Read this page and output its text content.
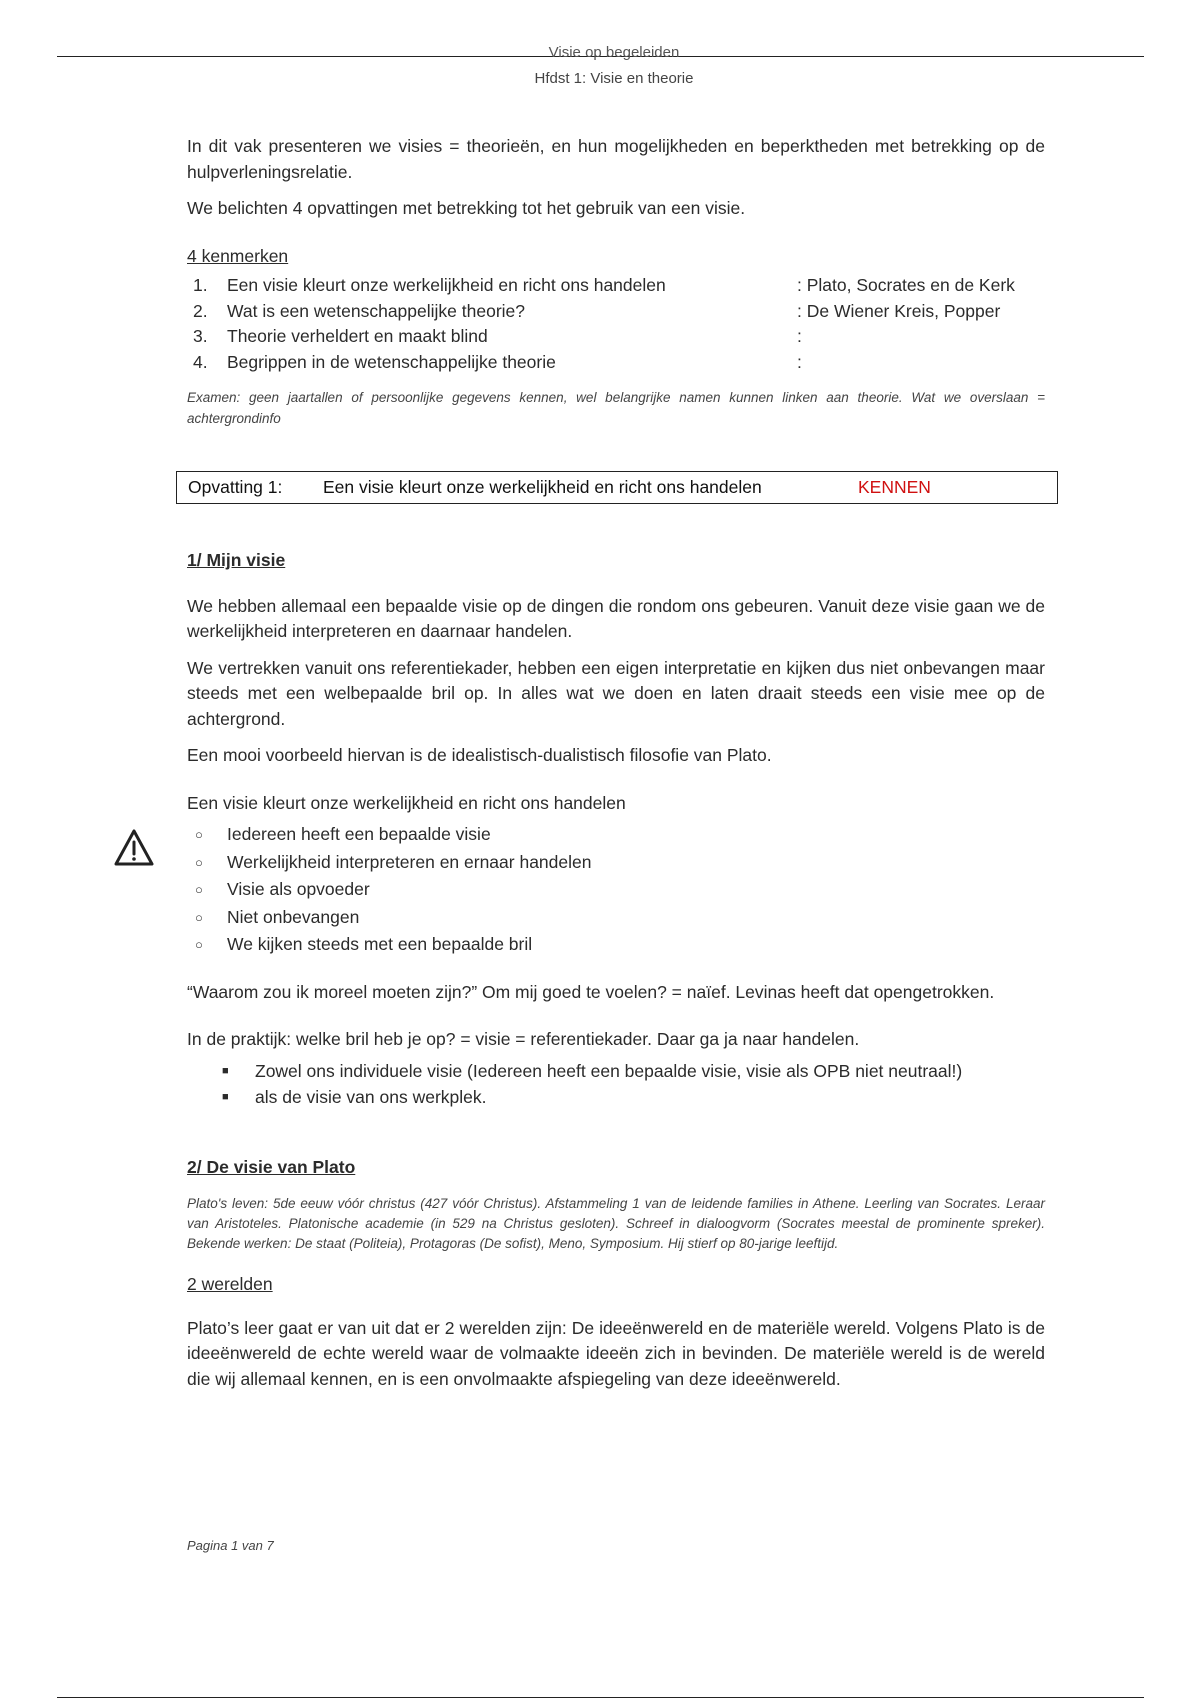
Visie op begeleiden
Hfdst 1: Visie en theorie

In dit vak presenteren we visies = theorieën, en hun mogelijkheden en beperktheden met betrekking op de hulpverleningsrelatie.

We belichten 4 opvattingen met betrekking tot het gebruik van een visie.

4 kenmerken

1.	Een visie kleurt onze werkelijkheid en richt ons handelen	: Plato, Socrates en de Kerk
2.	Wat is een wetenschappelijke theorie?	: De Wiener Kreis, Popper
3.	Theorie verheldert en maakt blind	:
4.	Begrippen in de wetenschappelijke theorie	:

Examen: geen jaartallen of persoonlijke gegevens kennen, wel belangrijke namen kunnen linken aan theorie. Wat we overslaan = achtergrondinfo

Opvatting 1:	Een visie kleurt onze werkelijkheid en richt ons handelen	KENNEN

1/ Mijn visie

We hebben allemaal een bepaalde visie op de dingen die rondom ons gebeuren. Vanuit deze visie gaan we de werkelijkheid interpreteren en daarnaar handelen.

We vertrekken vanuit ons referentiekader, hebben een eigen interpretatie en kijken dus niet onbevangen maar steeds met een welbepaalde bril op. In alles wat we doen en laten draait steeds een visie mee op de achtergrond.

Een mooi voorbeeld hiervan is de idealistisch-dualistisch filosofie van Plato.

Een visie kleurt onze werkelijkheid en richt ons handelen

○	Iedereen heeft een bepaalde visie
○	Werkelijkheid interpreteren en ernaar handelen
○	Visie als opvoeder
○	Niet onbevangen
○	We kijken steeds met een bepaalde bril

“Waarom zou ik moreel moeten zijn?” Om mij goed te voelen? = naïef. Levinas heeft dat opengetrokken.

In de praktijk: welke bril heb je op? = visie = referentiekader. Daar ga ja naar handelen.

■	Zowel ons individuele visie (Iedereen heeft een bepaalde visie, visie als OPB niet neutraal!)
■	als de visie van ons werkplek.

2/ De visie van Plato

Plato's leven: 5de eeuw vóór christus (427 vóór Christus). Afstammeling 1 van de leidende families in Athene. Leerling van Socrates. Leraar van Aristoteles. Platonische academie (in 529 na Christus gesloten). Schreef in dialoogvorm (Socrates meestal de prominente spreker). Bekende werken: De staat (Politeia), Protagoras (De sofist), Meno, Symposium. Hij stierf op 80-jarige leeftijd.

2 werelden

Plato’s leer gaat er van uit dat er 2 werelden zijn: De ideeënwereld en de materiële wereld. Volgens Plato is de ideeënwereld de echte wereld waar de volmaakte ideeën zich in bevinden. De materiële wereld is de wereld die wij allemaal kennen, en is een onvolmaakte afspiegeling van deze ideeënwereld.

Pagina 1 van 7
